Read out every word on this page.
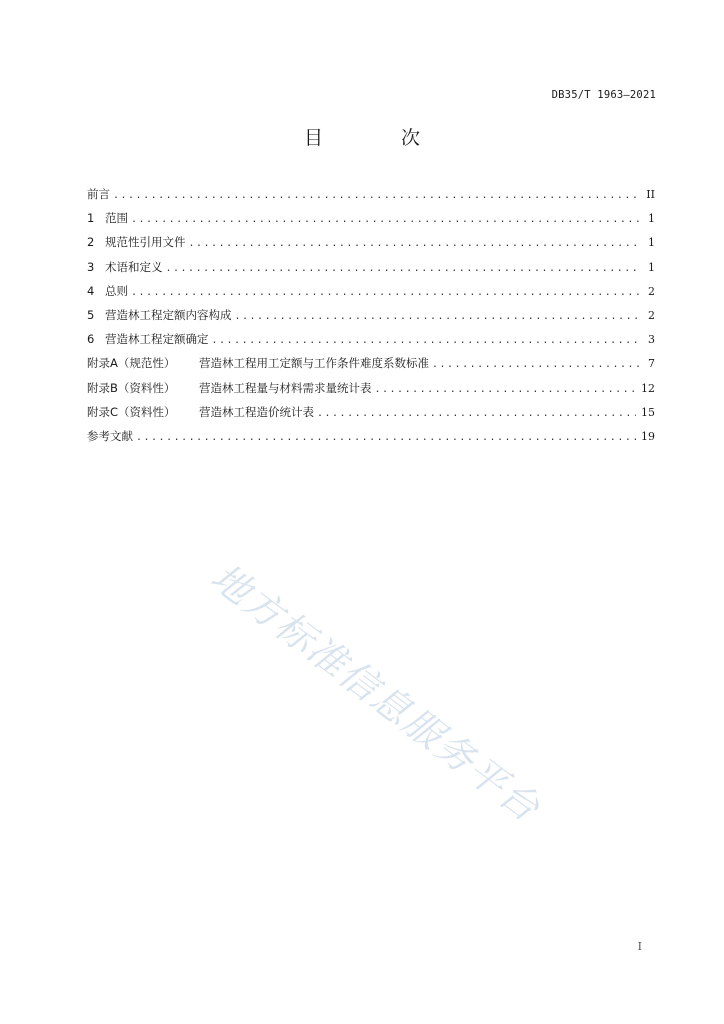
DB35/T 1963—2021
目 次
前言 .....	II
1 范围 .....	1
2 规范性引用文件 .....	1
3 术语和定义 .....	1
4 总则 .....	2
5 营造林工程定额内容构成 .....	2
6 营造林工程定额确定 .....	3
附录A（规范性）	营造林工程用工定额与工作条件难度系数标准 .....	7
附录B（资料性）	营造林工程量与材料需求量统计表 .....	12
附录C（资料性）	营造林工程造价统计表 .....	15
参考文献 .....	19
地方标准信息服务平台
I
